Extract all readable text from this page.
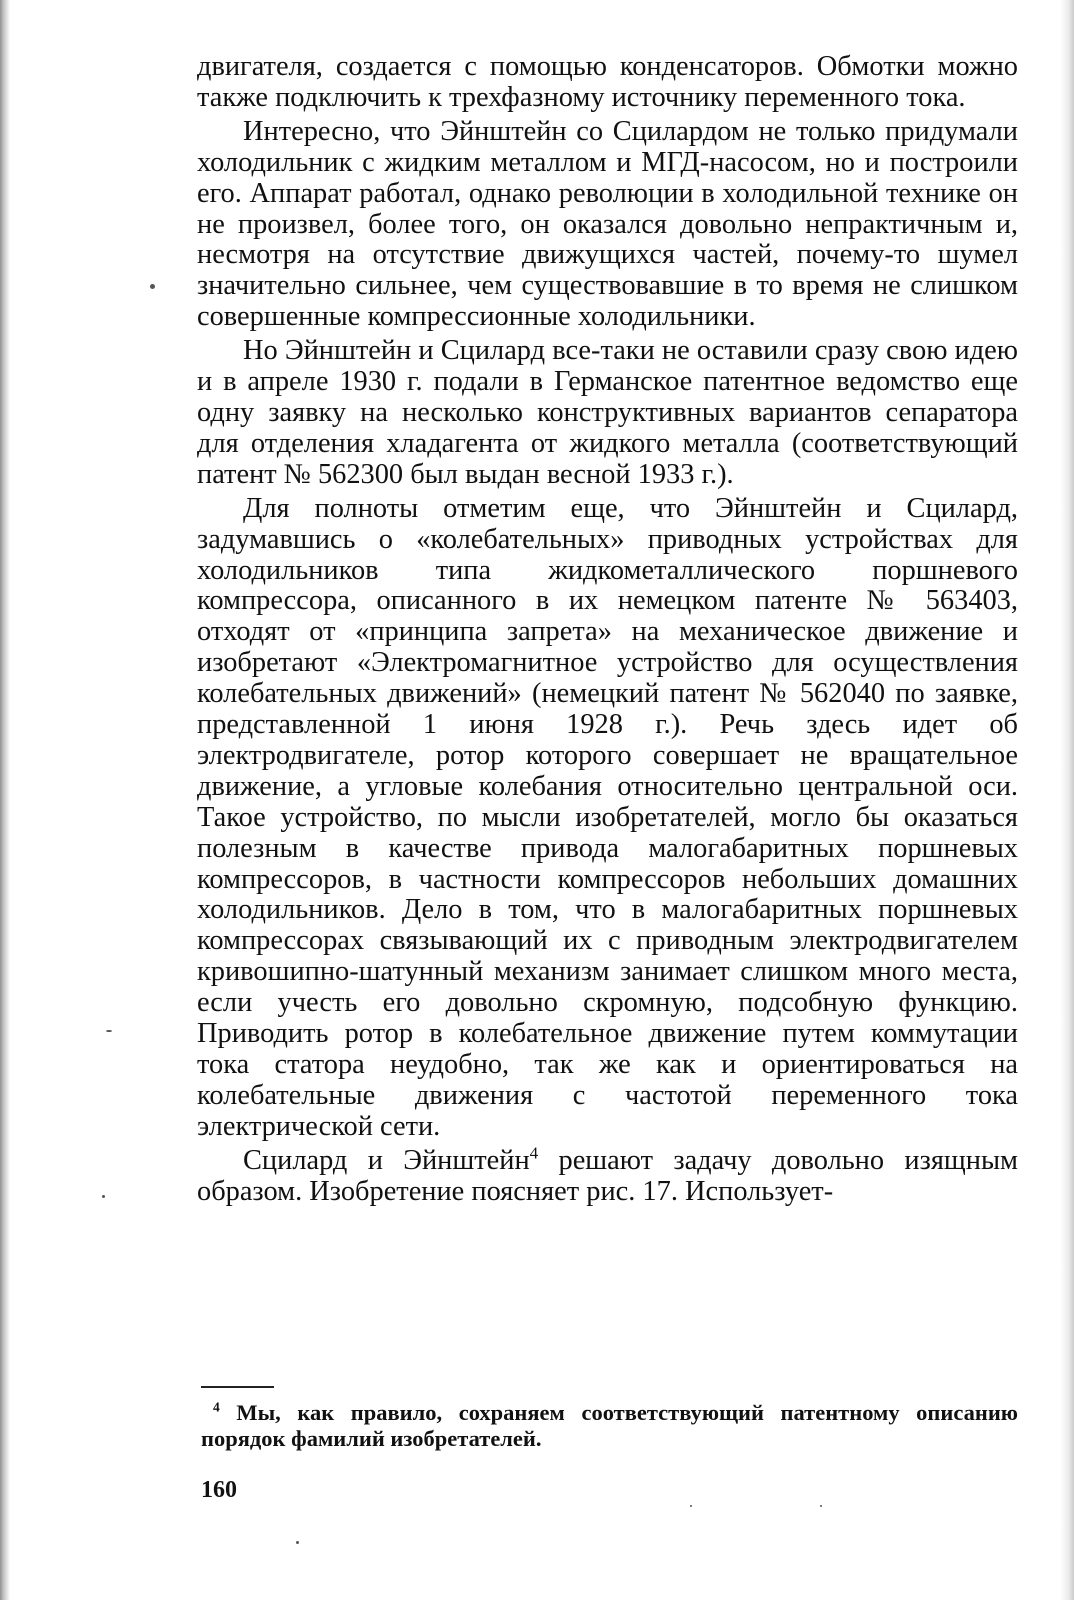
двигателя, создается с помощью конденсаторов. Обмотки можно также подключить к трехфазному источнику переменного тока.

Интересно, что Эйнштейн со Сцилардом не только придумали холодильник с жидким металлом и МГД-насосом, но и построили его. Аппарат работал, однако революции в холодильной технике он не произвел, более того, он оказался довольно непрактичным и, несмотря на отсутствие движущихся частей, почему-то шумел значительно сильнее, чем существовавшие в то время не слишком совершенные компрессионные холодильники.

Но Эйнштейн и Сцилард все-таки не оставили сразу свою идею и в апреле 1930 г. подали в Германское патентное ведомство еще одну заявку на несколько конструктивных вариантов сепаратора для отделения хладагента от жидкого металла (соответствующий патент № 562300 был выдан весной 1933 г.).

Для полноты отметим еще, что Эйнштейн и Сцилард, задумавшись о «колебательных» приводных устройствах для холодильников типа жидкометаллического поршневого компрессора, описанного в их немецком патенте № 563403, отходят от «принципа запрета» на механическое движение и изобретают «Электромагнитное устройство для осуществления колебательных движений» (немецкий патент № 562040 по заявке, представленной 1 июня 1928 г.). Речь здесь идет об электродвигателе, ротор которого совершает не вращательное движение, а угловые колебания относительно центральной оси. Такое устройство, по мысли изобретателей, могло бы оказаться полезным в качестве привода малогабаритных поршневых компрессоров, в частности компрессоров небольших домашних холодильников. Дело в том, что в малогабаритных поршневых компрессорах связывающий их с приводным электродвигателем кривошипно-шатунный механизм занимает слишком много места, если учесть его довольно скромную, подсобную функцию. Приводить ротор в колебательное движение путем коммутации тока статора неудобно, так же как и ориентироваться на колебательные движения с частотой переменного тока электрической сети.

Сцилард и Эйнштейн$^4$ решают задачу довольно изящным образом. Изобретение поясняет рис. 17. Использует-

$^4$ Мы, как правило, сохраняем соответствующий патентному описанию порядок фамилий изобретателей.
160
